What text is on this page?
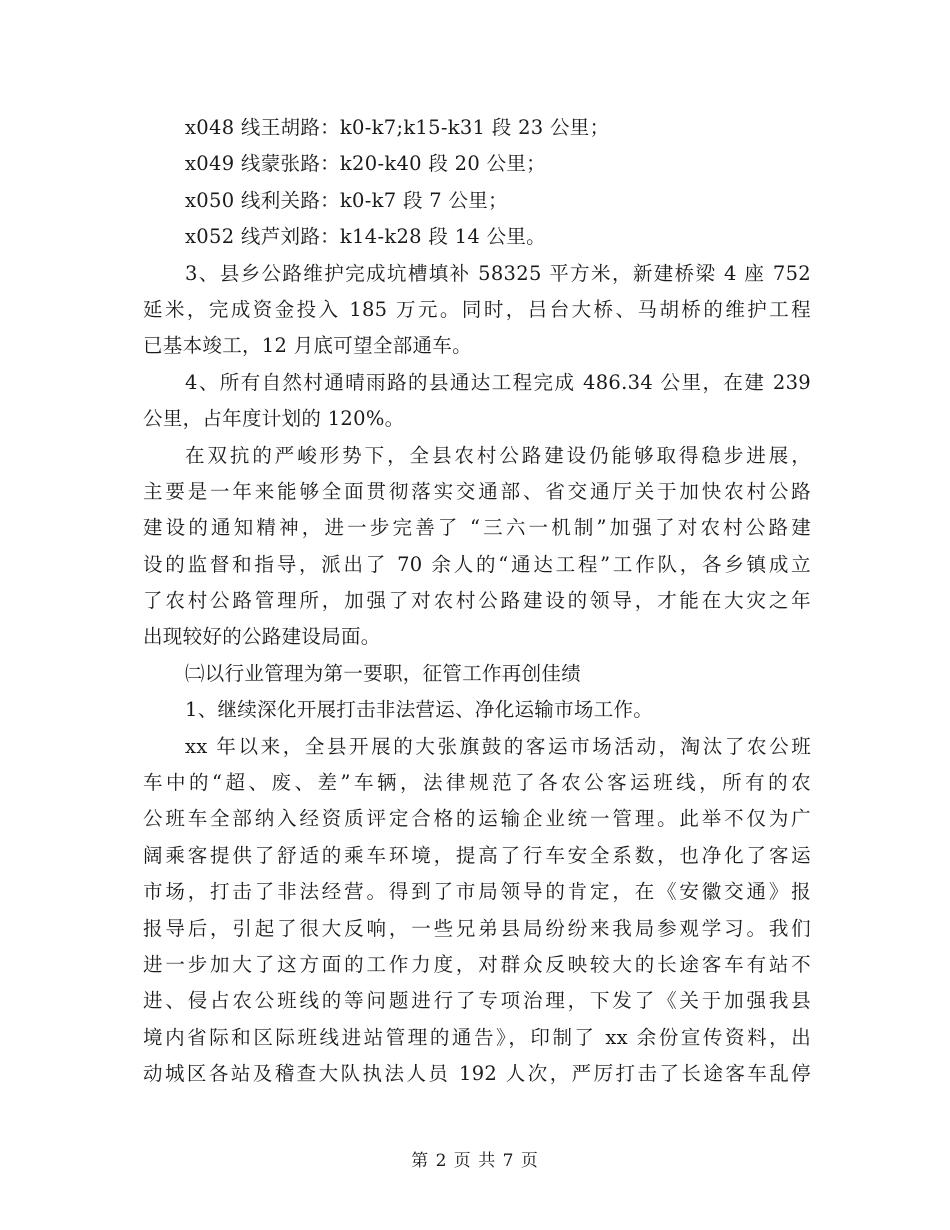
x048 线王胡路：k0-k7;k15-k31 段 23 公里；
x049 线蒙张路：k20-k40 段 20 公里；
x050 线利关路：k0-k7 段 7 公里；
x052 线芦刘路：k14-k28 段 14 公里。
3、县乡公路维护完成坑槽填补 58325 平方米，新建桥梁 4 座 752
延米，完成资金投入 185 万元。同时，吕台大桥、马胡桥的维护工程
已基本竣工，12 月底可望全部通车。
4、所有自然村通晴雨路的县通达工程完成 486.34 公里，在建 239
公里，占年度计划的 120%。
在双抗的严峻形势下，全县农村公路建设仍能够取得稳步进展，
主要是一年来能够全面贯彻落实交通部、省交通厅关于加快农村公路
建设的通知精神，进一步完善了 “三六一机制”加强了对农村公路建
设的监督和指导，派出了 70 余人的“通达工程”工作队，各乡镇成立
了农村公路管理所，加强了对农村公路建设的领导，才能在大灾之年
出现较好的公路建设局面。
㈡以行业管理为第一要职，征管工作再创佳绩
1、继续深化开展打击非法营运、净化运输市场工作。
xx 年以来，全县开展的大张旗鼓的客运市场活动，淘汰了农公班
车中的“超、废、差”车辆，法律规范了各农公客运班线，所有的农
公班车全部纳入经资质评定合格的运输企业统一管理。此举不仅为广
阔乘客提供了舒适的乘车环境，提高了行车安全系数，也净化了客运
市场，打击了非法经营。得到了市局领导的肯定，在《安徽交通》报
报导后，引起了很大反响，一些兄弟县局纷纷来我局参观学习。我们
进一步加大了这方面的工作力度，对群众反映较大的长途客车有站不
进、侵占农公班线的等问题进行了专项治理，下发了《关于加强我县
境内省际和区际班线进站管理的通告》，印制了 xx 余份宣传资料，出
动城区各站及稽查大队执法人员 192 人次，严厉打击了长途客车乱停
第 2 页 共 7 页
